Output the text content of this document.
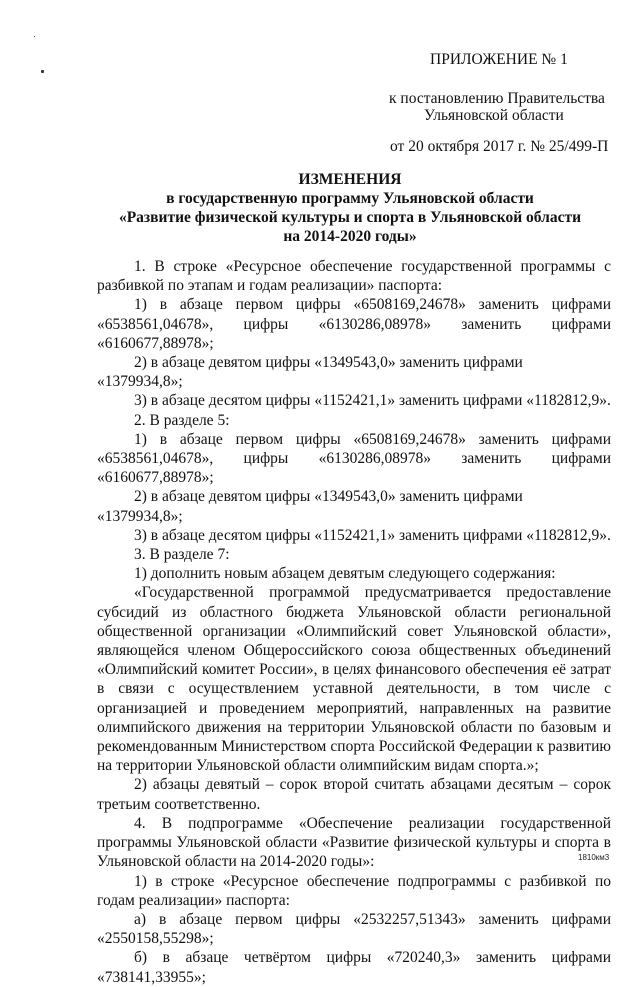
ПРИЛОЖЕНИЕ № 1
к постановлению Правительства
Ульяновской области
от 20 октября 2017 г. № 25/499-П
ИЗМЕНЕНИЯ
в государственную программу Ульяновской области
«Развитие физической культуры и спорта в Ульяновской области
на 2014-2020 годы»

1. В строке «Ресурсное обеспечение государственной программы с разбивкой по этапам и годам реализации» паспорта:

1) в абзаце первом цифры «6508169,24678» заменить цифрами «6538561,04678», цифры «6130286,08978» заменить цифрами «6160677,88978»;

2) в абзаце девятом цифры «1349543,0» заменить цифрами «1379934,8»;

3) в абзаце десятом цифры «1152421,1» заменить цифрами «1182812,9».

2. В разделе 5:

1) в абзаце первом цифры «6508169,24678» заменить цифрами «6538561,04678», цифры «6130286,08978» заменить цифрами «6160677,88978»;

2) в абзаце девятом цифры «1349543,0» заменить цифрами «1379934,8»;

3) в абзаце десятом цифры «1152421,1» заменить цифрами «1182812,9».

3. В разделе 7:

1) дополнить новым абзацем девятым следующего содержания:

«Государственной программой предусматривается предоставление субсидий из областного бюджета Ульяновской области региональной общественной организации «Олимпийский совет Ульяновской области», являющейся членом Общероссийского союза общественных объединений «Олимпийский комитет России», в целях финансового обеспечения её затрат в связи с осуществлением уставной деятельности, в том числе с организацией и проведением мероприятий, направленных на развитие олимпийского движения на территории Ульяновской области по базовым и рекомендованным Министерством спорта Российской Федерации к развитию на территории Ульяновской области олимпийским видам спорта.»;

2) абзацы девятый – сорок второй считать абзацами десятым – сорок третьим соответственно.

4. В подпрограмме «Обеспечение реализации государственной программы Ульяновской области «Развитие физической культуры и спорта в Ульяновской области на 2014-2020 годы»:

1) в строке «Ресурсное обеспечение подпрограммы с разбивкой по годам реализации» паспорта:

а) в абзаце первом цифры «2532257,51343» заменить цифрами «2550158,55298»;

б) в абзаце четвёртом цифры «720240,3» заменить цифрами «738141,33955»;

1810км3
